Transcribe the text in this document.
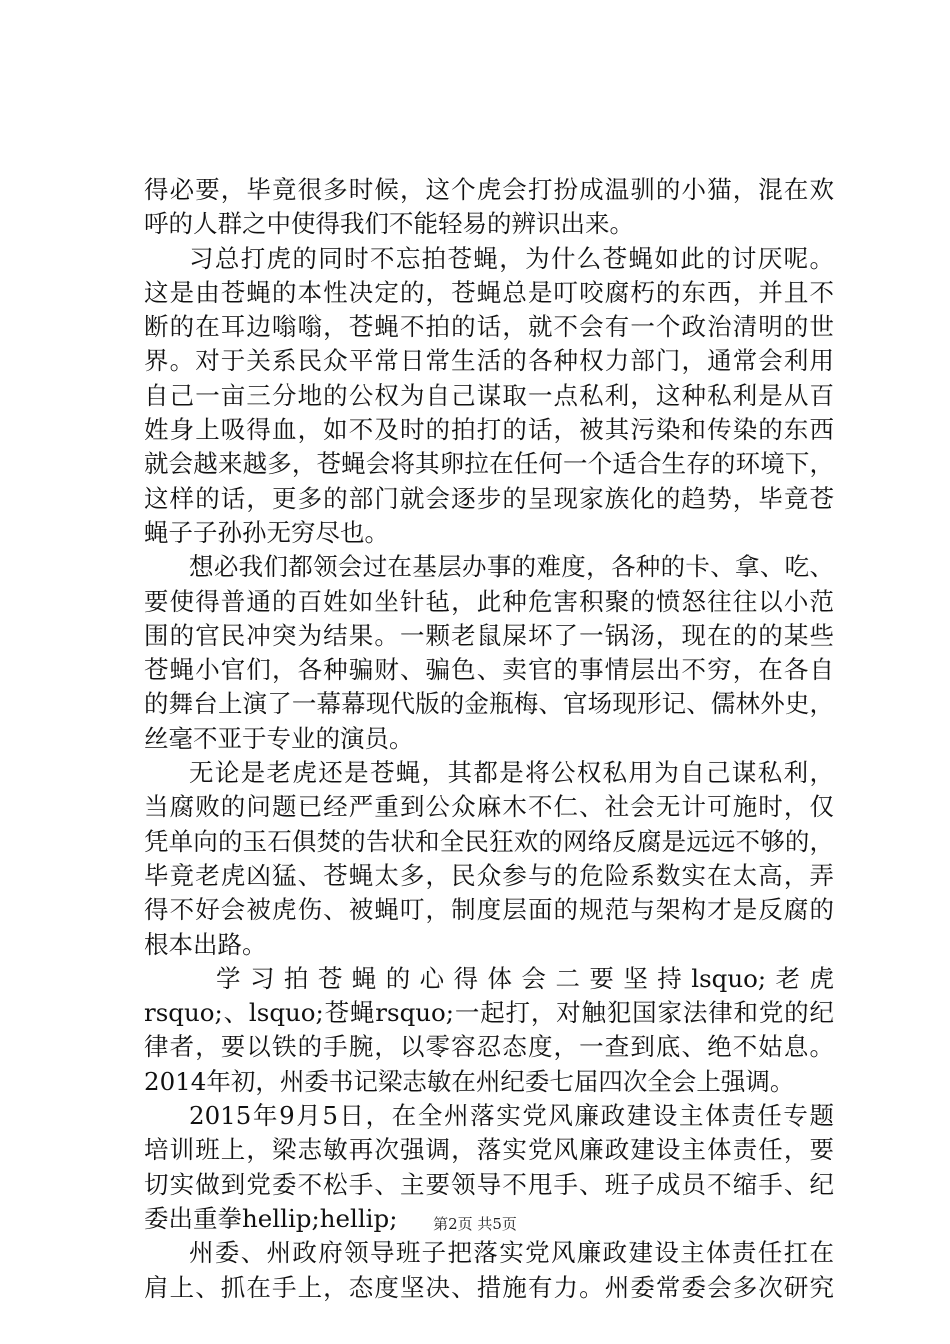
得必要，毕竟很多时候，这个虎会打扮成温驯的小猫，混在欢
呼的人群之中使得我们不能轻易的辨识出来。
习总打虎的同时不忘拍苍蝇，为什么苍蝇如此的讨厌呢。
这是由苍蝇的本性决定的，苍蝇总是叮咬腐朽的东西，并且不
断的在耳边嗡嗡，苍蝇不拍的话，就不会有一个政治清明的世
界。对于关系民众平常日常生活的各种权力部门，通常会利用
自己一亩三分地的公权为自己谋取一点私利，这种私利是从百
姓身上吸得血，如不及时的拍打的话，被其污染和传染的东西
就会越来越多，苍蝇会将其卵拉在任何一个适合生存的环境下，
这样的话，更多的部门就会逐步的呈现家族化的趋势，毕竟苍
蝇子子孙孙无穷尽也。
想必我们都领会过在基层办事的难度，各种的卡、拿、吃、
要使得普通的百姓如坐针毡，此种危害积聚的愤怒往往以小范
围的官民冲突为结果。一颗老鼠屎坏了一锅汤，现在的的某些
苍蝇小官们，各种骗财、骗色、卖官的事情层出不穷，在各自
的舞台上演了一幕幕现代版的金瓶梅、官场现形记、儒林外史，
丝毫不亚于专业的演员。
无论是老虎还是苍蝇，其都是将公权私用为自己谋私利，
当腐败的问题已经严重到公众麻木不仁、社会无计可施时，仅
凭单向的玉石俱焚的告状和全民狂欢的网络反腐是远远不够的，
毕竟老虎凶猛、苍蝇太多，民众参与的危险系数实在太高，弄
得不好会被虎伤、被蝇叮，制度层面的规范与架构才是反腐的
根本出路。
学习拍苍蝇的心得体会二要坚持lsquo;老虎
rsquo;、lsquo;苍蝇rsquo;一起打，对触犯国家法律和党的纪
律者，要以铁的手腕，以零容忍态度，一查到底、绝不姑息。
2014年初，州委书记梁志敏在州纪委七届四次全会上强调。
2015年9月5日，在全州落实党风廉政建设主体责任专题
培训班上，梁志敏再次强调，落实党风廉政建设主体责任，要
切实做到党委不松手、主要领导不甩手、班子成员不缩手、纪
委出重拳hellip;hellip;
州委、州政府领导班子把落实党风廉政建设主体责任扛在
肩上、抓在手上，态度坚决、措施有力。州委常委会多次研究
第2页 共5页
